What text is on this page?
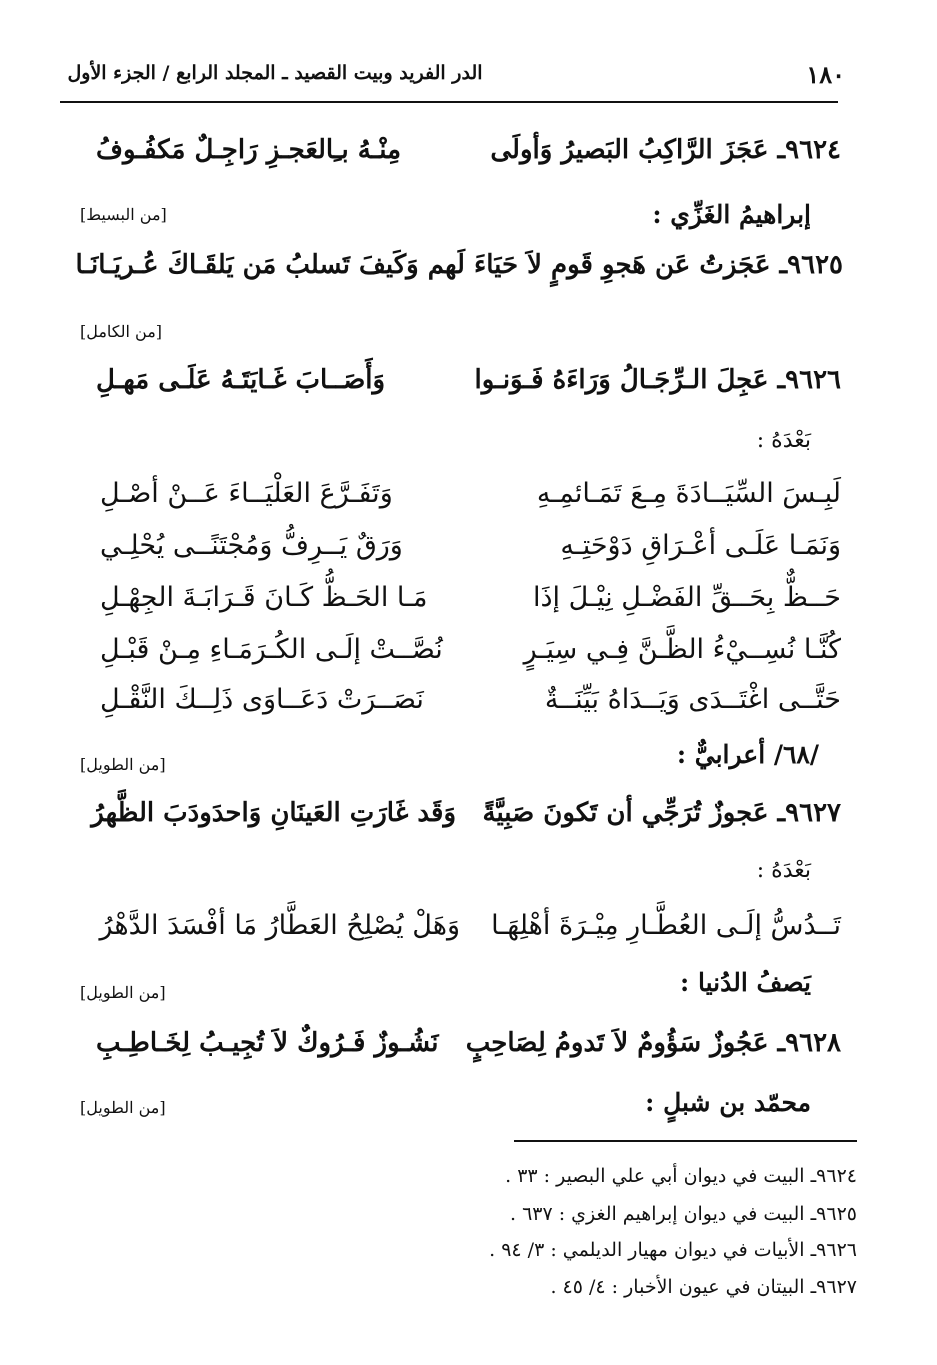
الدر الفريد وبيت القصيد ـ المجلد الرابع / الجزء الأول	١٨٠
٩٦٢٤ـ عَجَزَ الرَّاكِبُ البَصيرُ وَأولَى
مِنْـهُ بـِالعَجـزِ رَاجِـلٌ مَكفُـوفُ
إبراهيمُ الغَزِّي :
[من البسيط]
٩٦٢٥ـ عَجَزتُ عَن هَجوِ قَومٍ لاَ حَيَاءَ لَهم وَكَيفَ تَسلبُ مَن يَلقَـاكَ عُـريَـانَـا
[من الكامل]
٩٦٢٦ـ عَجِلَ الـرِّجَـالُ وَرَاءَهُ فَـوَنـوا
وَأَصَــابَ غَـايَتَـهُ عَلَـى مَهـلِ
بَعْدَهُ :
لَبِـسَ السِّيَــادَةَ مِـعَ تَمَـائمِـهِ
وَتَفَـرَّعَ العَلْيَــاءَ عَــنْ أصْـلِ
وَنَمَـا عَلَـى أعْـرَاقِ دَوْحَتِـهِ
وَرَقٌ يَــرِفُّ وَمُجْتَنًــى يُحْلِـي
حَــظٌّ بِحَــقِّ الفَضْـلِ نِيْـلَ إذَا
مَـا الحَـظُّ كَـانَ قَـرَابَـةَ الجِهْـلِ
كُنَّـا نُسِــيْءُ الظَّـنَّ فِـي سِيَـرٍ
نُصَّــتْ إلَـى الكُـرَمَـاءِ مِـنْ قَبْـلِ
حَتَّــى اغْتَــدَى وَيَــدَاهُ بَيِّنَــةٌ
نَصَــرَتْ دَعَــاوَى ذَلِــكَ النَّقْـلِ
/٦٨/ أعرابيٌّ :
[من الطويل]
٩٦٢٧ـ عَجوزٌ تُرَجِّي أن تَكونَ صَبِيَّةً
وَقَد غَارَتِ العَينَانِ وَاحدَودَبَ الظَّهرُ
بَعْدَهُ :
تَــدُسُّ إلَـى العُطَّـارِ مِيْـرَةَ أهْلِهَـا
وَهَلْ يُصْلِحُ العَطَّارُ مَا أفْسَدَ الدَّهْرُ
يَصفُ الدُنيا :
[من الطويل]
٩٦٢٨ـ عَجُوزٌ سَؤُومٌ لاَ تَدومُ لِصَاحِبٍ
نَشُـوزٌ فَـرُوكٌ لاَ تُجِيـبُ لِخَـاطِـبِ
محمّد بن شبلٍ :
[من الطويل]
٩٦٢٤ـ البيت في ديوان أبي علي البصير : ٣٣ .
٩٦٢٥ـ البيت في ديوان إبراهيم الغزي : ٦٣٧ .
٩٦٢٦ـ الأبيات في ديوان مهيار الديلمي : ٣/ ٩٤ .
٩٦٢٧ـ البيتان في عيون الأخبار : ٤/ ٤٥ .
